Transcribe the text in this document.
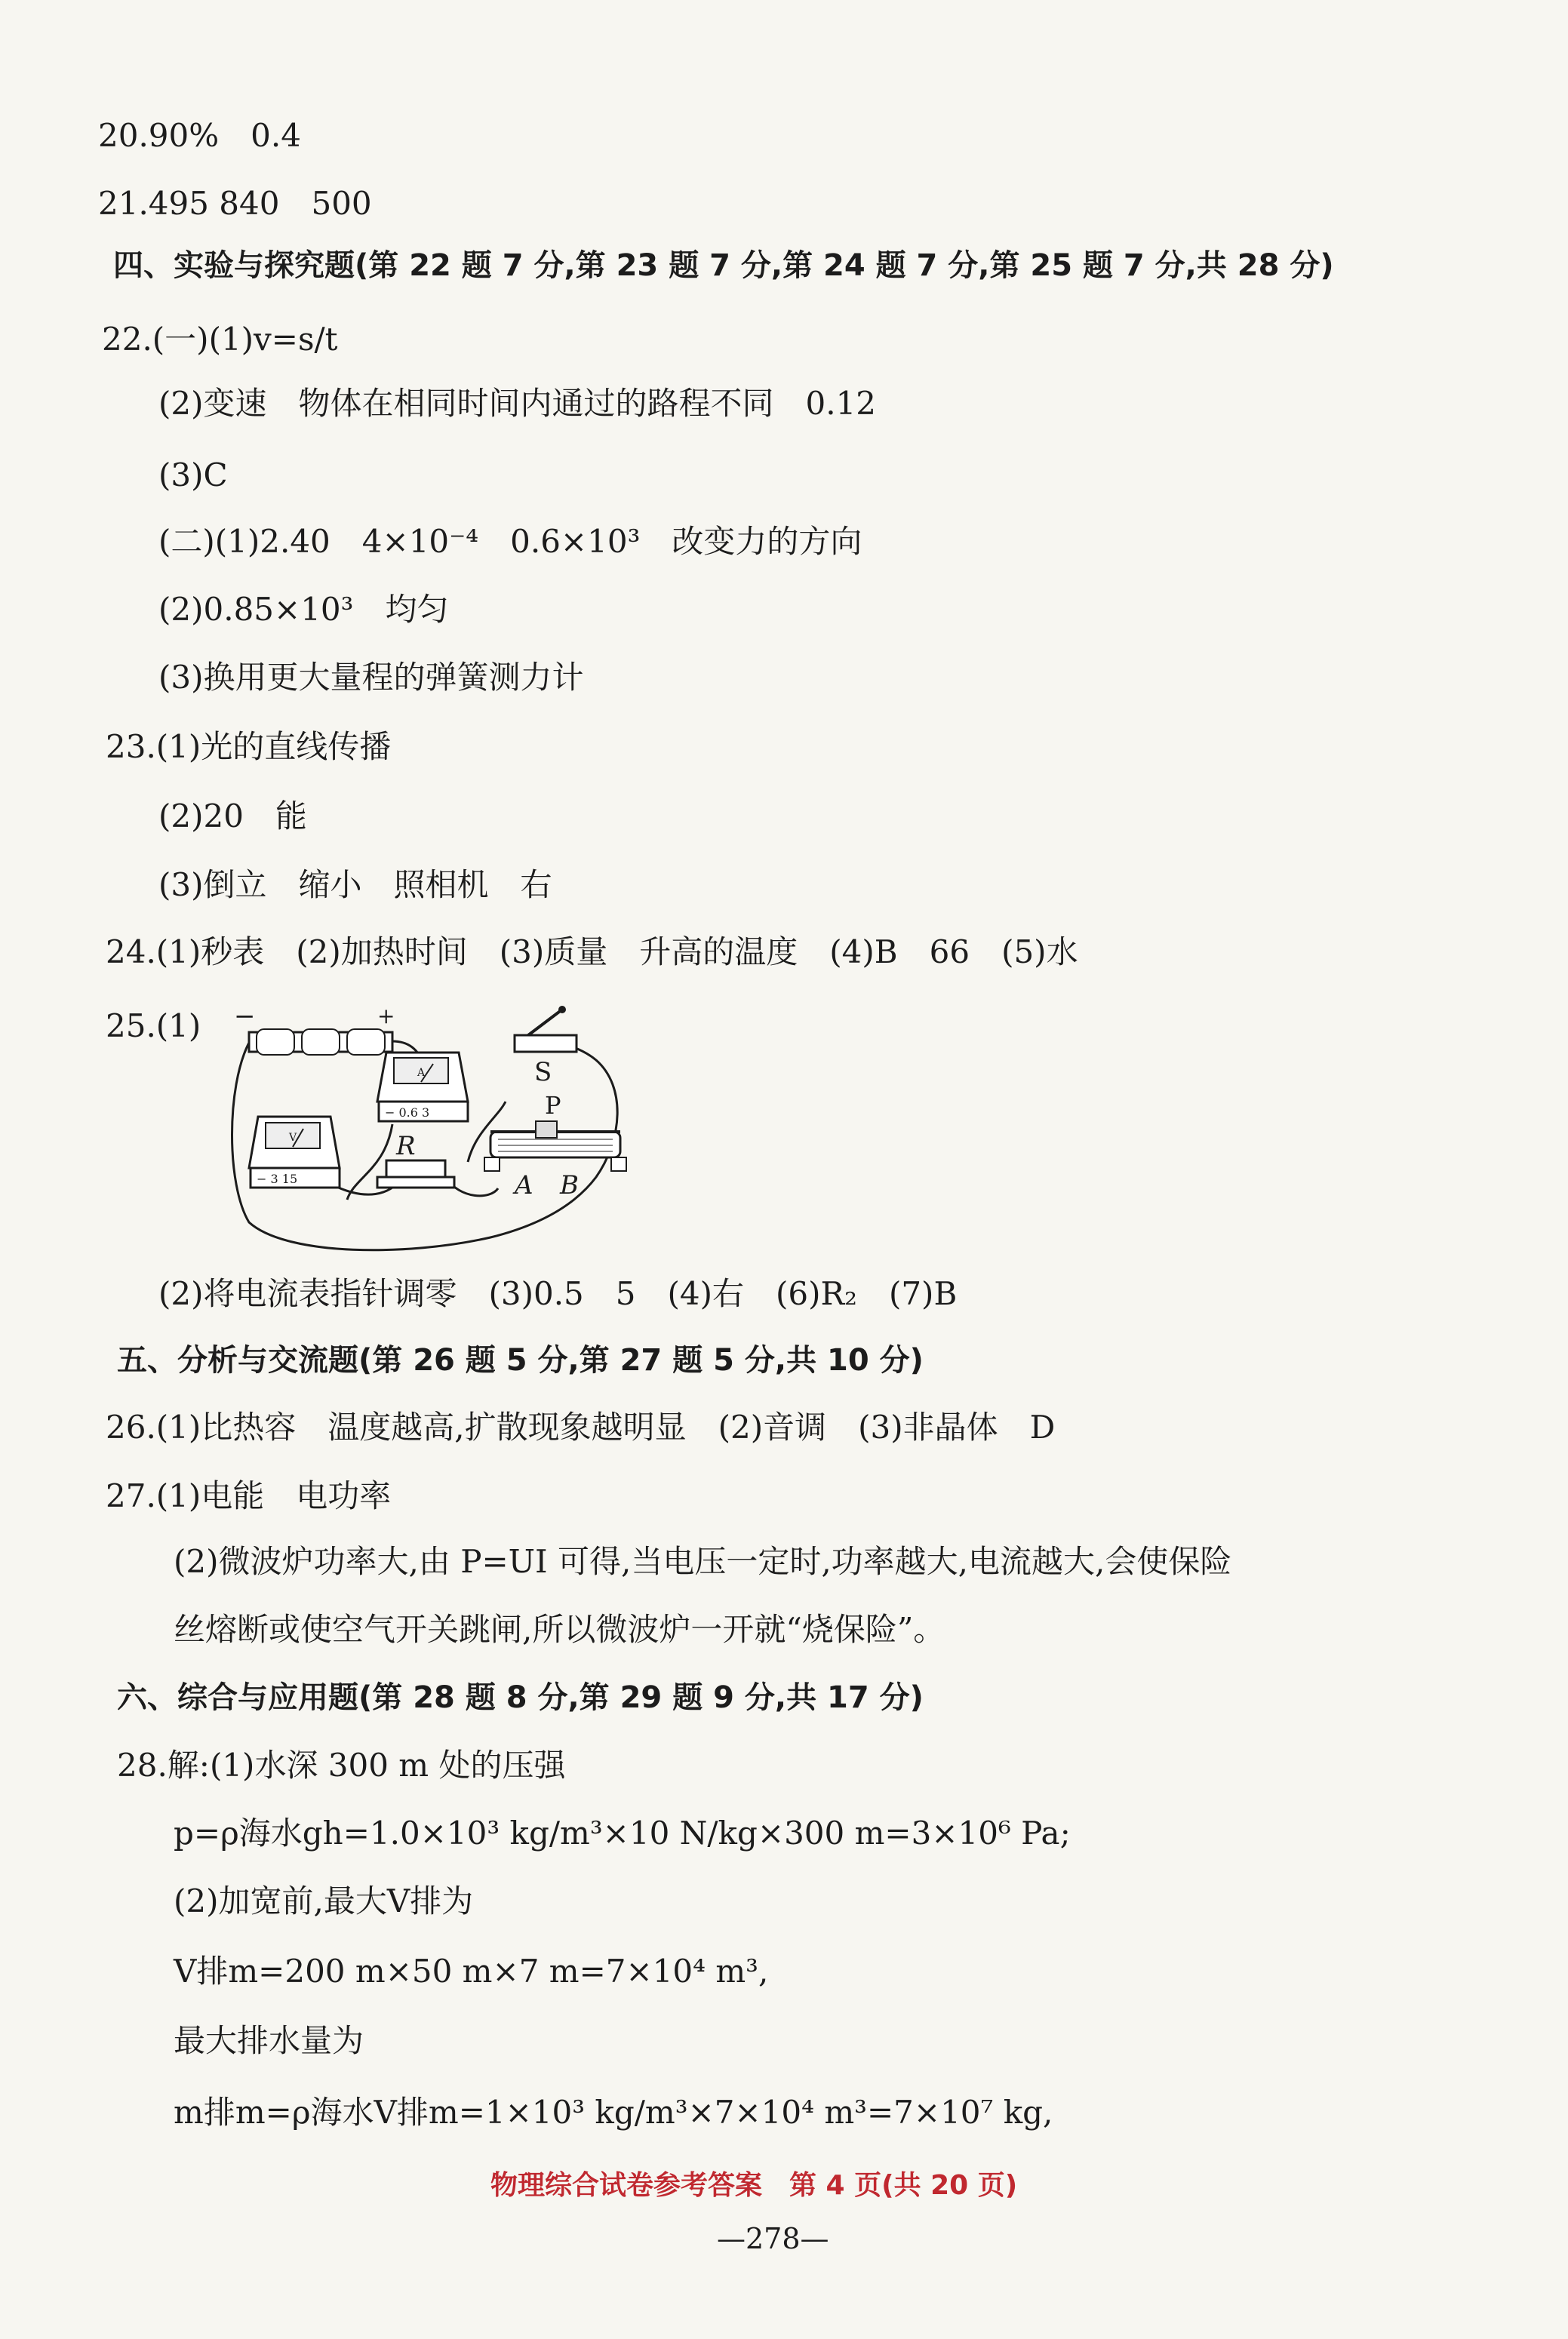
20.90%　0.4
21.495 840　500
四、实验与探究题(第 22 题 7 分,第 23 题 7 分,第 24 题 7 分,第 25 题 7 分,共 28 分)
22.(一)(1)v=s/t
(2)变速　物体在相同时间内通过的路程不同　0.12
(3)C
(二)(1)2.40　4×10⁻⁴　0.6×10³　改变力的方向
(2)0.85×10³　均匀
(3)换用更大量程的弹簧测力计
23.(1)光的直线传播
(2)20　能
(3)倒立　缩小　照相机　右
24.(1)秒表　(2)加热时间　(3)质量　升高的温度　(4)B　66　(5)水
25.(1) −	+
A
− 0.6 3
S
V
− 3 15
R
P
A B
(2)将电流表指针调零　(3)0.5　5　(4)右　(6)R₂　(7)B
五、分析与交流题(第 26 题 5 分,第 27 题 5 分,共 10 分)
26.(1)比热容　温度越高,扩散现象越明显　(2)音调　(3)非晶体　D
27.(1)电能　电功率
(2)微波炉功率大,由 P=UI 可得,当电压一定时,功率越大,电流越大,会使保险
丝熔断或使空气开关跳闸,所以微波炉一开就“烧保险”。
六、综合与应用题(第 28 题 8 分,第 29 题 9 分,共 17 分)
28.解:(1)水深 300 m 处的压强
p=ρ海水gh=1.0×10³ kg/m³×10 N/kg×300 m=3×10⁶ Pa;
(2)加宽前,最大V排为
V排m=200 m×50 m×7 m=7×10⁴ m³,
最大排水量为
m排m=ρ海水V排m=1×10³ kg/m³×7×10⁴ m³=7×10⁷ kg,
物理综合试卷参考答案　第 4 页(共 20 页)
—278—
